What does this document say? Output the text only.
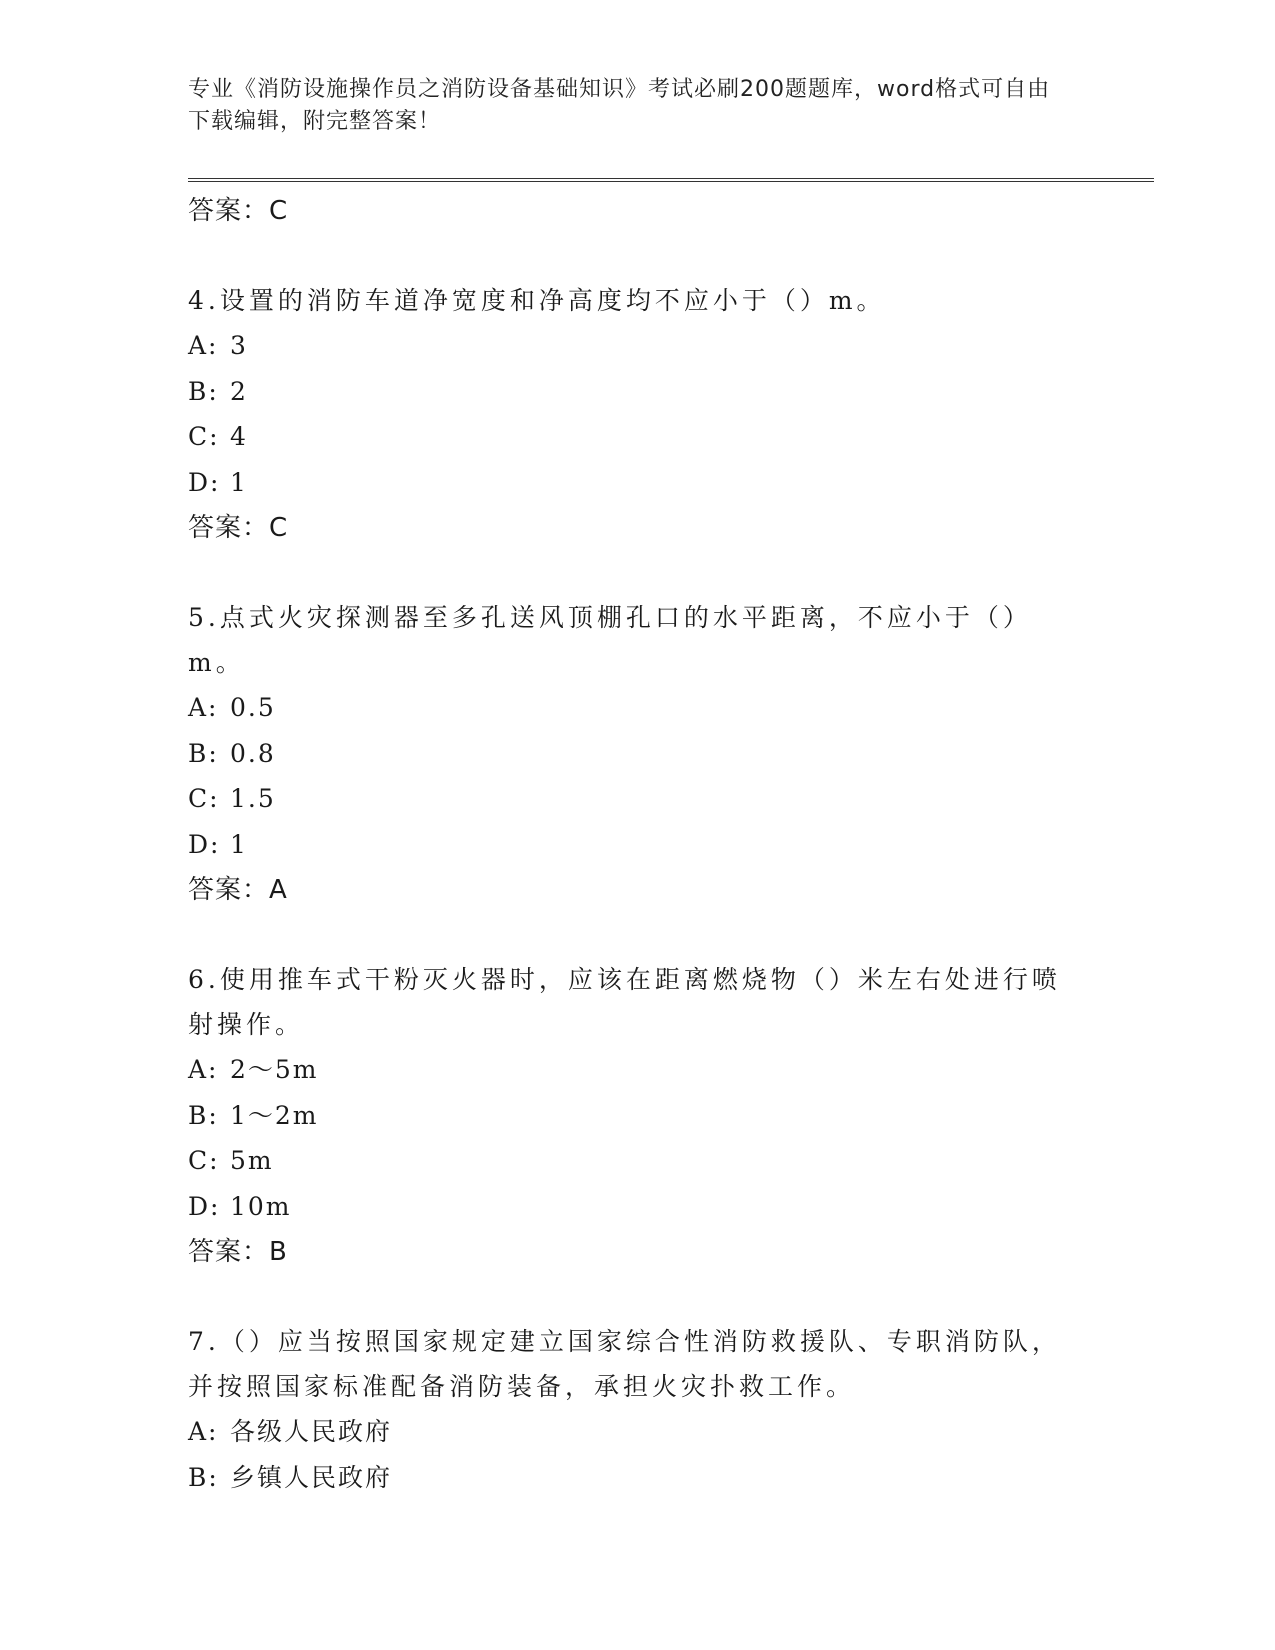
专业《消防设施操作员之消防设备基础知识》考试必刷200题题库，word格式可自由下载编辑，附完整答案！
答案：C
4.设置的消防车道净宽度和净高度均不应小于（）m。
A: 3
B: 2
C: 4
D: 1
答案：C
5.点式火灾探测器至多孔送风顶棚孔口的水平距离，不应小于（）m。
A: 0.5
B: 0.8
C: 1.5
D: 1
答案：A
6.使用推车式干粉灭火器时，应该在距离燃烧物（）米左右处进行喷射操作。
A: 2～5m
B: 1～2m
C: 5m
D: 10m
答案：B
7.（）应当按照国家规定建立国家综合性消防救援队、专职消防队，并按照国家标准配备消防装备，承担火灾扑救工作。
A: 各级人民政府
B: 乡镇人民政府
